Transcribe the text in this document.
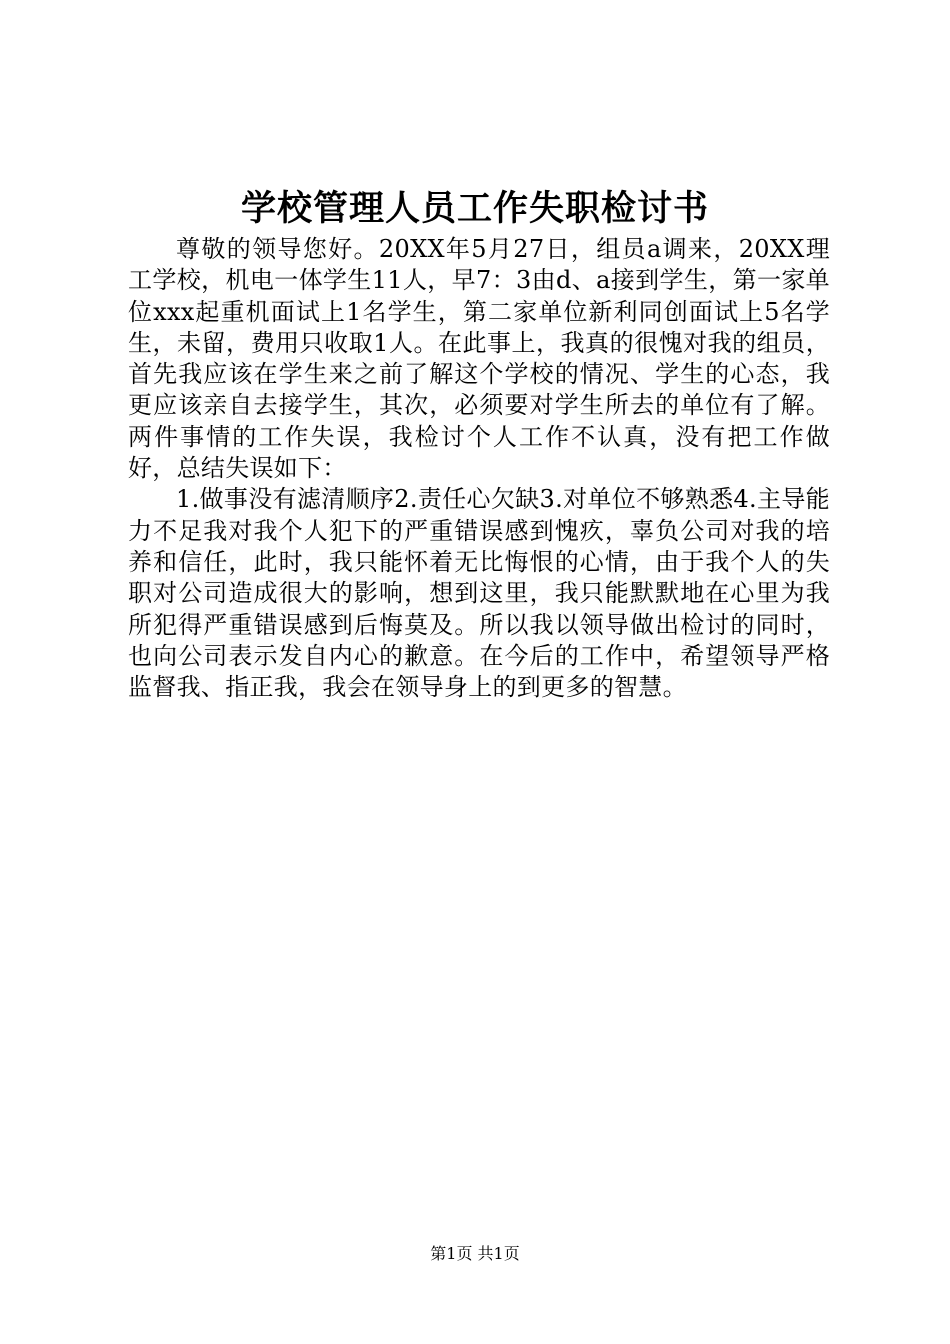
学校管理人员工作失职检讨书

尊敬的领导您好。20XX年5月27日，组员a调来，20XX理工学校，机电一体学生11人，早7：3由d、a接到学生，第一家单位xxx起重机面试上1名学生，第二家单位新利同创面试上5名学生，未留，费用只收取1人。在此事上，我真的很愧对我的组员，首先我应该在学生来之前了解这个学校的情况、学生的心态，我更应该亲自去接学生，其次，必须要对学生所去的单位有了解。两件事情的工作失误，我检讨个人工作不认真，没有把工作做好，总结失误如下：

1.做事没有滤清顺序2.责任心欠缺3.对单位不够熟悉4.主导能力不足我对我个人犯下的严重错误感到愧疚，辜负公司对我的培养和信任，此时，我只能怀着无比悔恨的心情，由于我个人的失职对公司造成很大的影响，想到这里，我只能默默地在心里为我所犯得严重错误感到后悔莫及。所以我以领导做出检讨的同时，也向公司表示发自内心的歉意。在今后的工作中，希望领导严格监督我、指正我，我会在领导身上的到更多的智慧。

第1页 共1页
